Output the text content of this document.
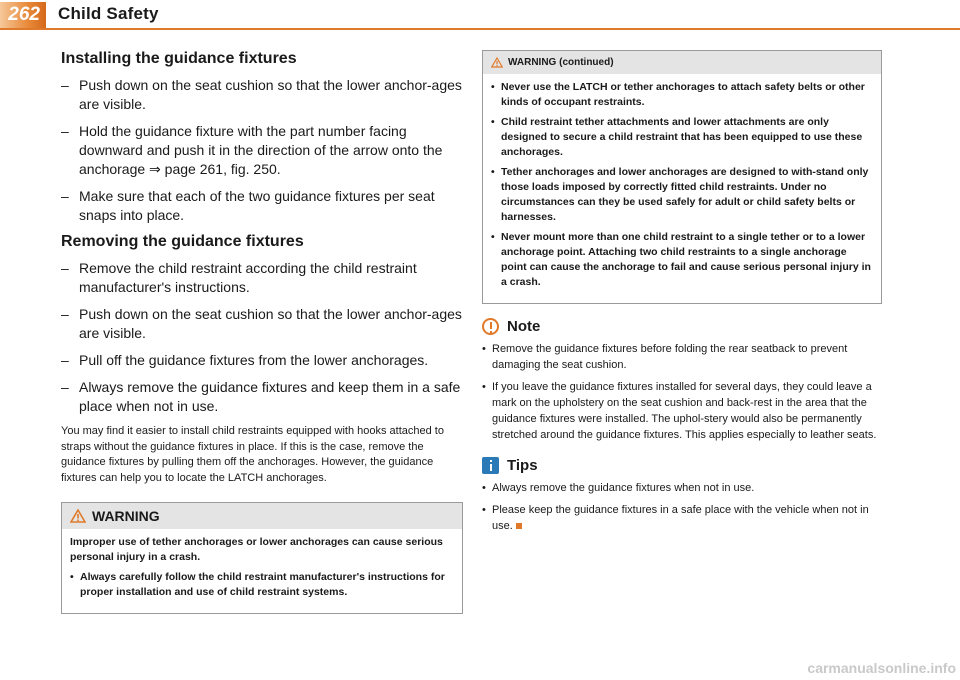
262	Child Safety
Installing the guidance fixtures
– Push down on the seat cushion so that the lower anchor-ages are visible.
– Hold the guidance fixture with the part number facing downward and push it in the direction of the arrow onto the anchorage ⇒ page 261, fig. 250.
– Make sure that each of the two guidance fixtures per seat snaps into place.
Removing the guidance fixtures
– Remove the child restraint according the child restraint manufacturer's instructions.
– Push down on the seat cushion so that the lower anchor-ages are visible.
– Pull off the guidance fixtures from the lower anchorages.
– Always remove the guidance fixtures and keep them in a safe place when not in use.

You may find it easier to install child restraints equipped with hooks attached to straps without the guidance fixtures in place. If this is the case, remove the guidance fixtures by pulling them off the anchorages. However, the guidance fixtures can help you to locate the LATCH anchorages.

WARNING

Improper use of tether anchorages or lower anchorages can cause serious personal injury in a crash.

• Always carefully follow the child restraint manufacturer's instructions for proper installation and use of child restraint systems.

WARNING (continued)

• Never use the LATCH or tether anchorages to attach safety belts or other kinds of occupant restraints.

• Child restraint tether attachments and lower attachments are only designed to secure a child restraint that has been equipped to use these anchorages.

• Tether anchorages and lower anchorages are designed to with-stand only those loads imposed by correctly fitted child restraints. Under no circumstances can they be used safely for adult or child safety belts or harnesses.

• Never mount more than one child restraint to a single tether or to a lower anchorage point. Attaching two child restraints to a single anchorage point can cause the anchorage to fail and cause serious personal injury in a crash.

Note

• Remove the guidance fixtures before folding the rear seatback to prevent damaging the seat cushion.

• If you leave the guidance fixtures installed for several days, they could leave a mark on the upholstery on the seat cushion and back-rest in the area that the guidance fixtures were installed. The uphol-stery would also be permanently stretched around the guidance fixtures. This applies especially to leather seats.

Tips

• Always remove the guidance fixtures when not in use.

• Please keep the guidance fixtures in a safe place with the vehicle when not in use.

carmanualsonline.info
